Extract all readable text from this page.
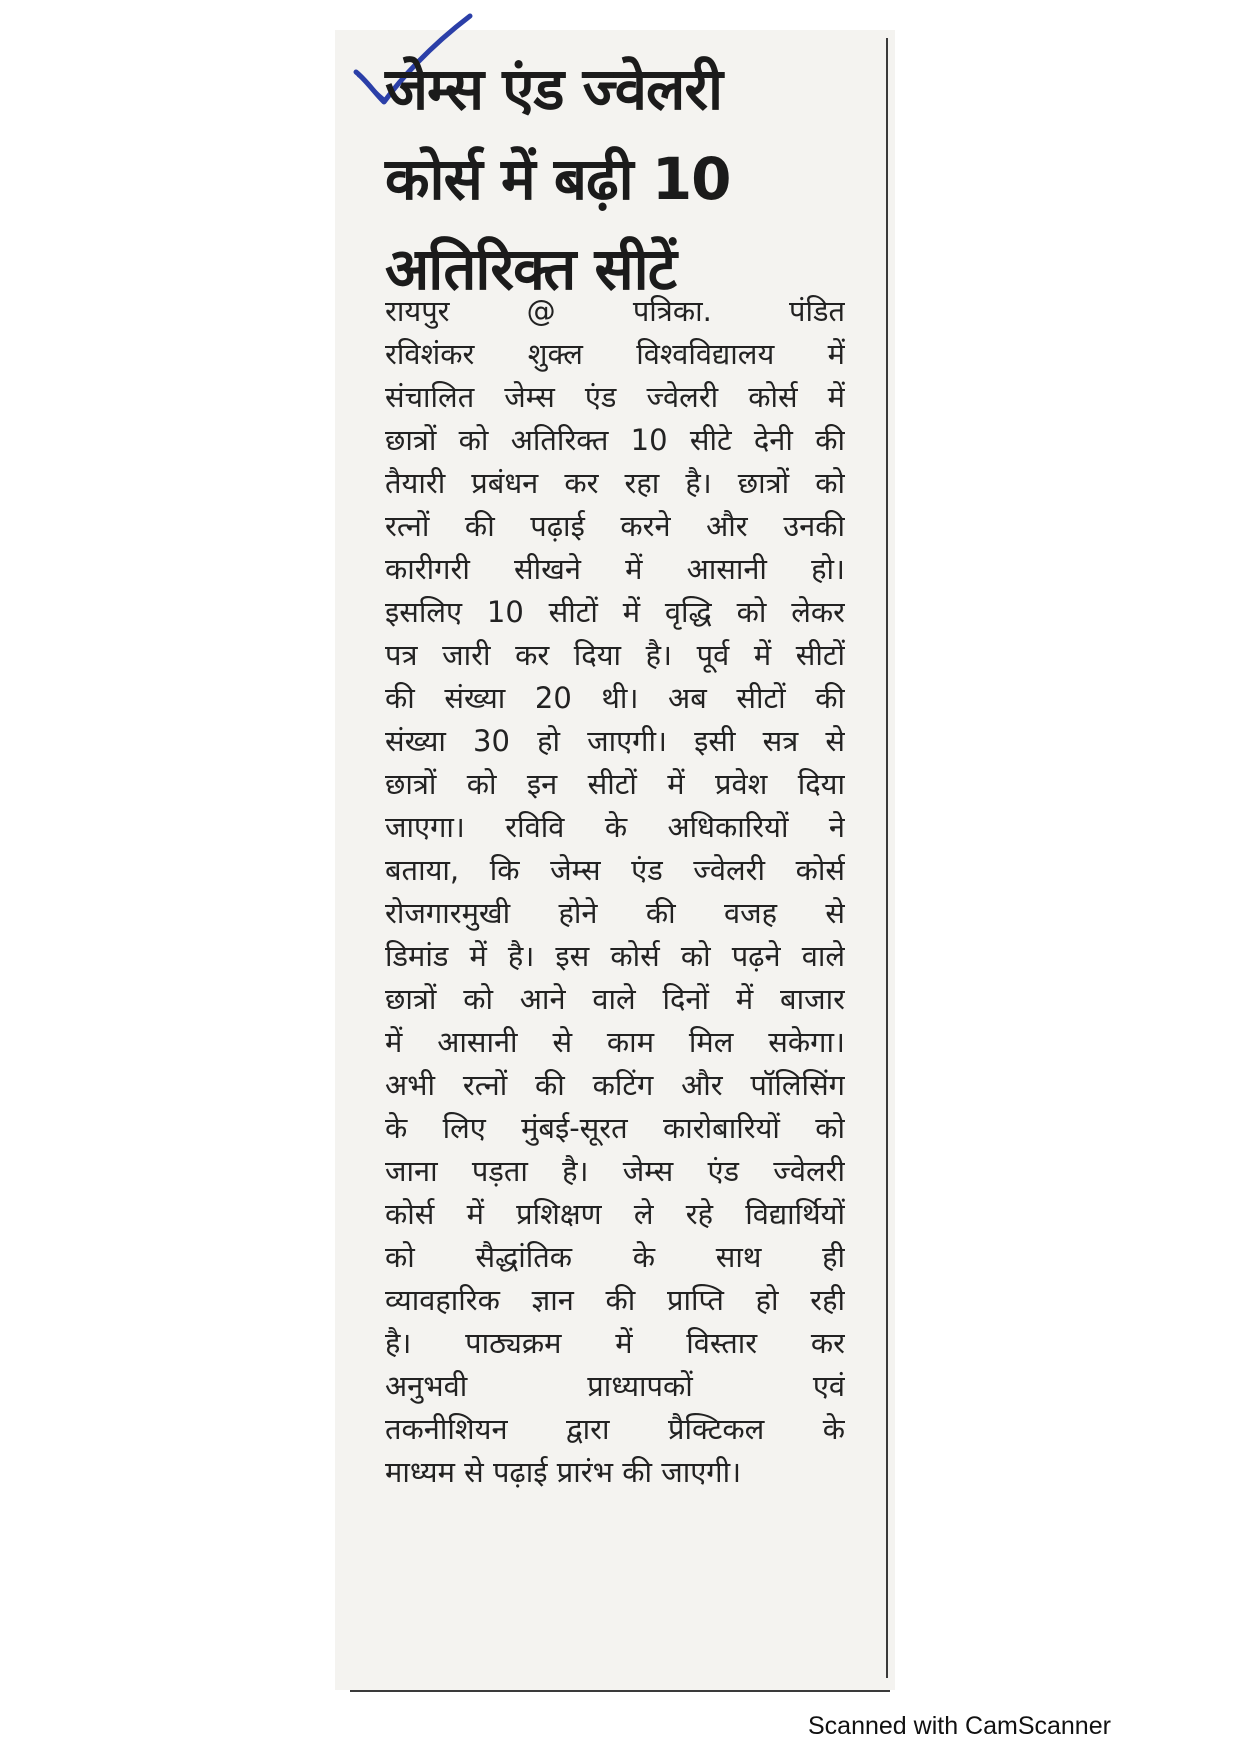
जेम्स एंड ज्वेलरी
कोर्स में बढ़ी 10
अतिरिक्त सीटें
रायपुर @ पत्रिका. पंडित
रविशंकर शुक्ल विश्वविद्यालय में
संचालित जेम्स एंड ज्वेलरी कोर्स में
छात्रों को अतिरिक्त 10 सीटे देनी की
तैयारी प्रबंधन कर रहा है। छात्रों को
रत्नों की पढ़ाई करने और उनकी
कारीगरी सीखने में आसानी हो।
इसलिए 10 सीटों में वृद्धि को लेकर
पत्र जारी कर दिया है। पूर्व में सीटों
की संख्या 20 थी। अब सीटों की
संख्या 30 हो जाएगी। इसी सत्र से
छात्रों को इन सीटों में प्रवेश दिया
जाएगा। रविवि के अधिकारियों ने
बताया, कि जेम्स एंड ज्वेलरी कोर्स
रोजगारमुखी होने की वजह से
डिमांड में है। इस कोर्स को पढ़ने वाले
छात्रों को आने वाले दिनों में बाजार
में आसानी से काम मिल सकेगा।
अभी रत्नों की कटिंग और पॉलिसिंग
के लिए मुंबई-सूरत कारोबारियों को
जाना पड़ता है। जेम्स एंड ज्वेलरी
कोर्स में प्रशिक्षण ले रहे विद्यार्थियों
को सैद्धांतिक के साथ ही
व्यावहारिक ज्ञान की प्राप्ति हो रही
है। पाठ्यक्रम में विस्तार कर
अनुभवी प्राध्यापकों एवं
तकनीशियन द्वारा प्रैक्टिकल के
माध्यम से पढ़ाई प्रारंभ की जाएगी।
Scanned with CamScanner
